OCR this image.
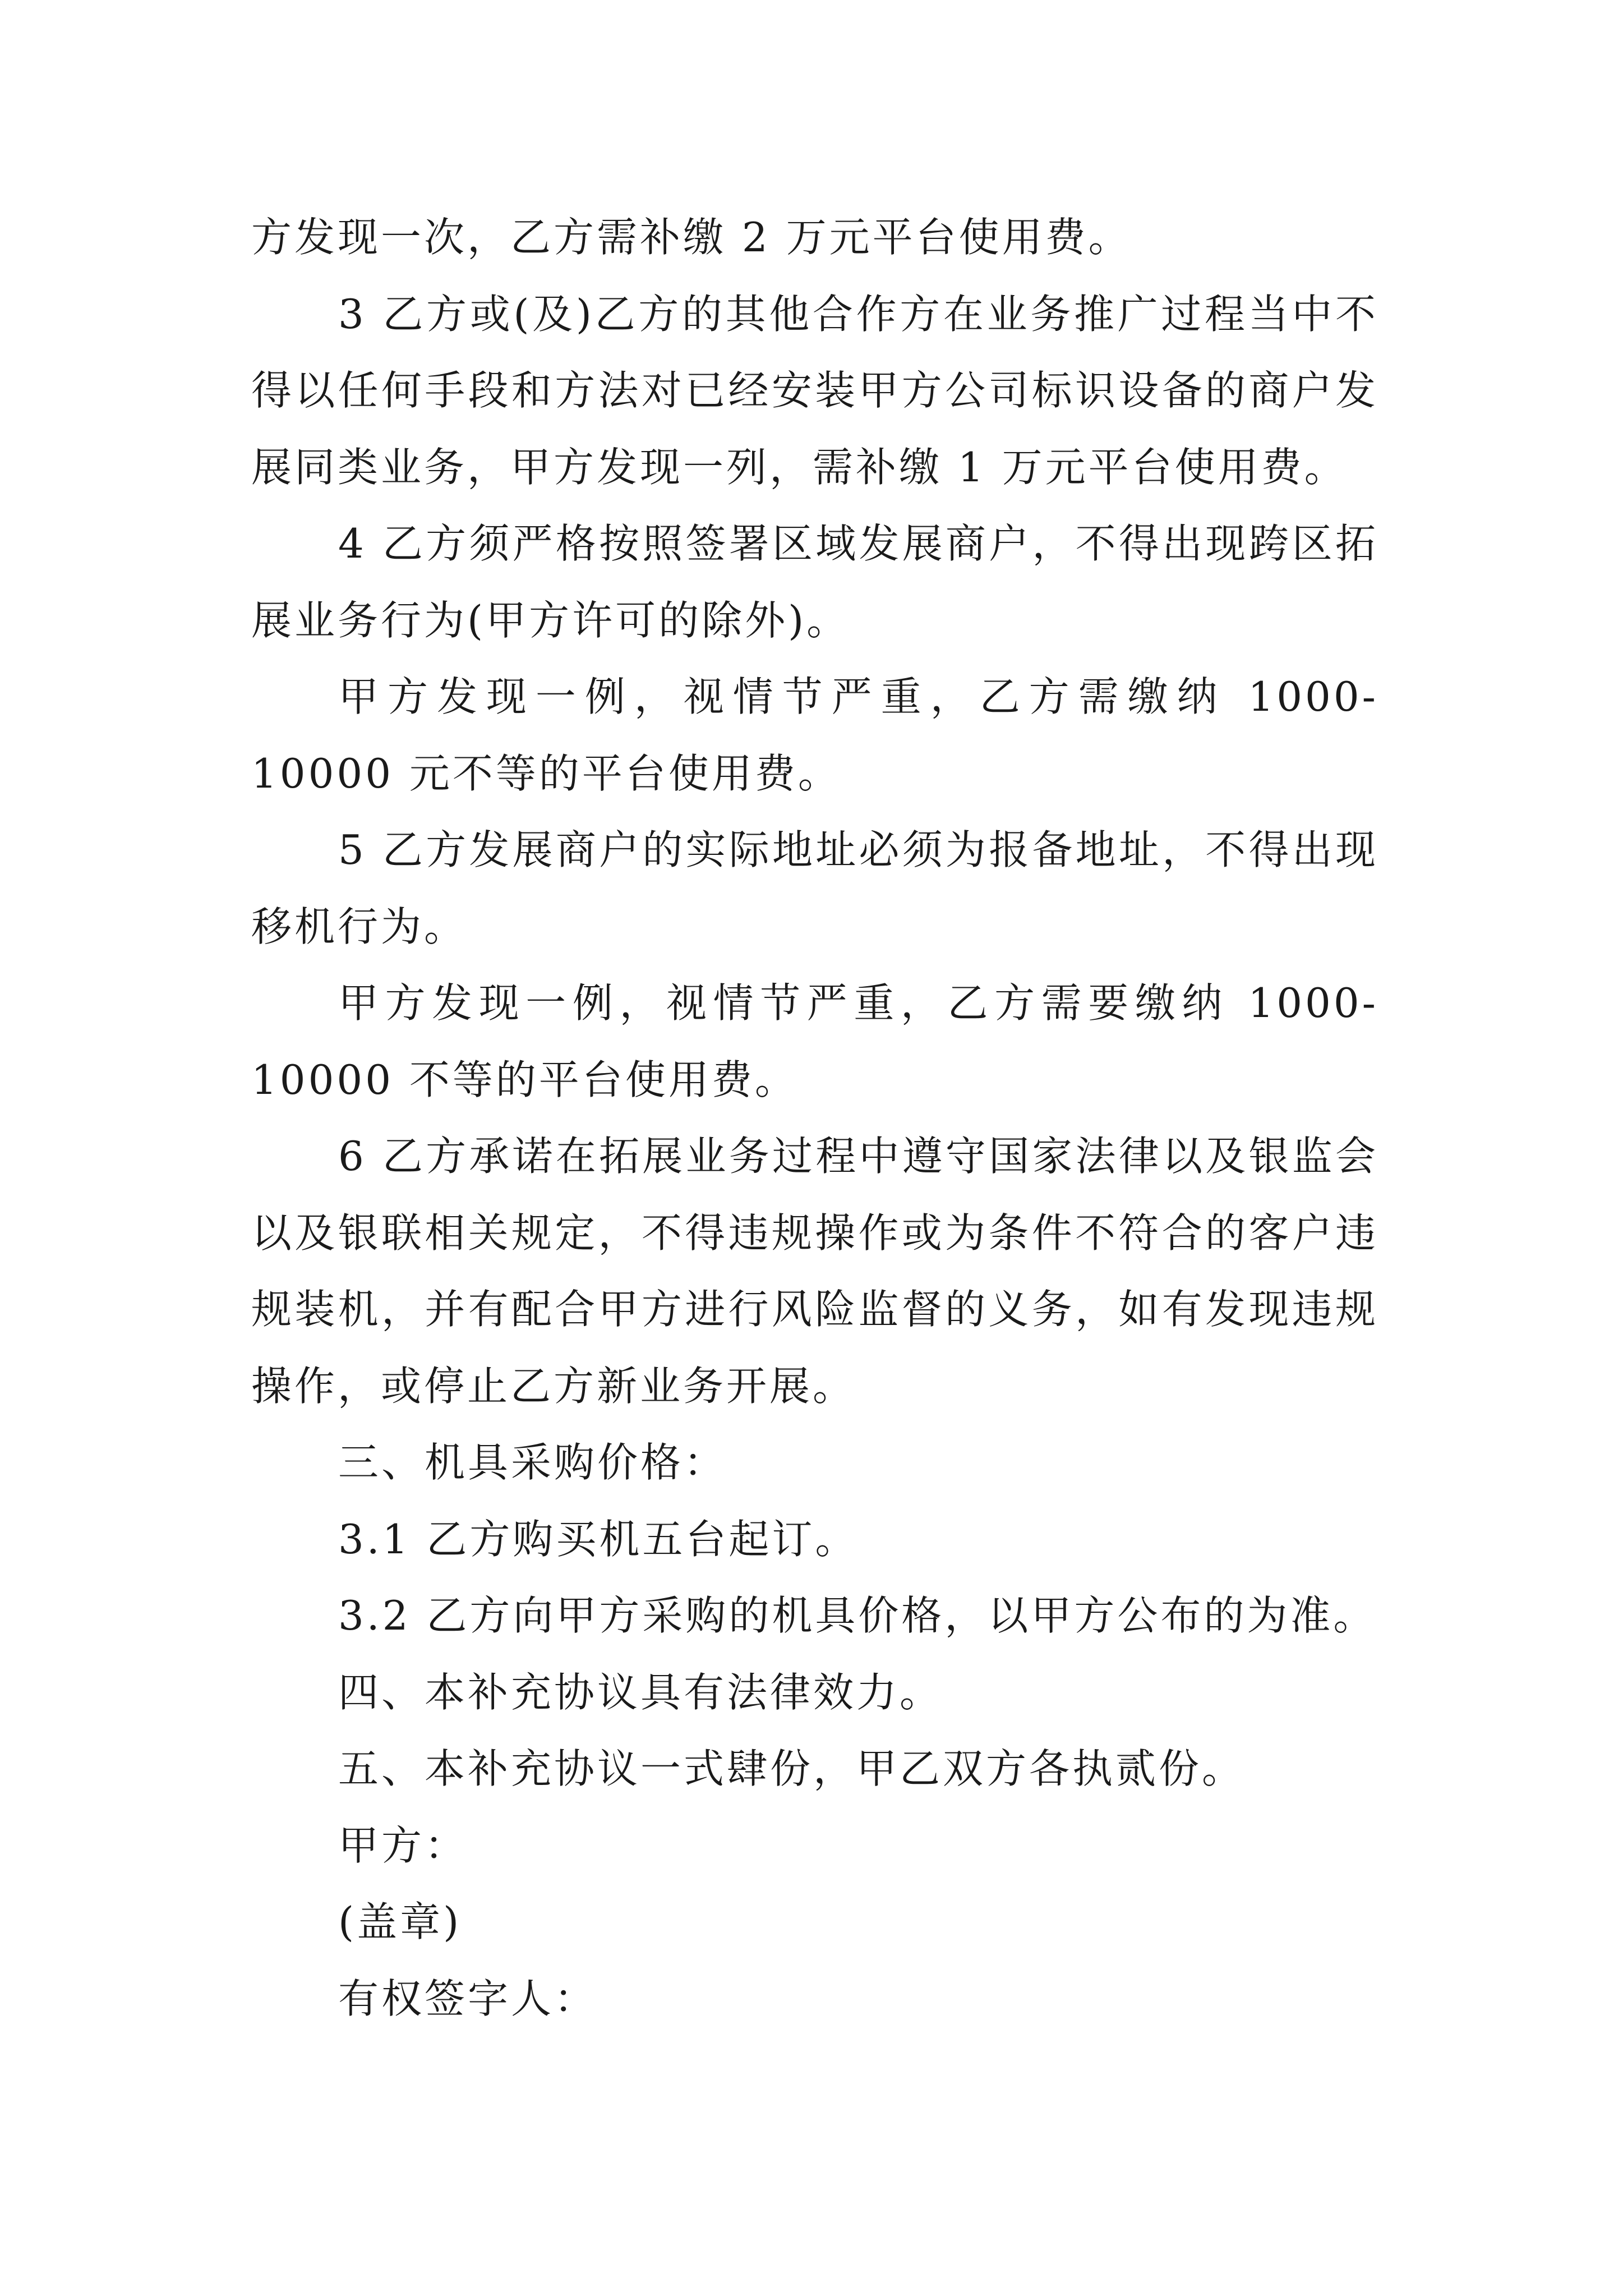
方发现一次，乙方需补缴 2 万元平台使用费。

3 乙方或(及)乙方的其他合作方在业务推广过程当中不得以任何手段和方法对已经安装甲方公司标识设备的商户发展同类业务，甲方发现一列，需补缴 1 万元平台使用费。

4 乙方须严格按照签署区域发展商户，不得出现跨区拓展业务行为(甲方许可的除外)。

甲方发现一例，视情节严重，乙方需缴纳 1000-10000 元不等的平台使用费。

5 乙方发展商户的实际地址必须为报备地址，不得出现移机行为。

甲方发现一例，视情节严重，乙方需要缴纳 1000-10000 不等的平台使用费。

6 乙方承诺在拓展业务过程中遵守国家法律以及银监会以及银联相关规定，不得违规操作或为条件不符合的客户违规装机，并有配合甲方进行风险监督的义务，如有发现违规操作，或停止乙方新业务开展。

三、机具采购价格：

3.1 乙方购买机五台起订。

3.2 乙方向甲方采购的机具价格，以甲方公布的为准。

四、本补充协议具有法律效力。

五、本补充协议一式肆份，甲乙双方各执贰份。

甲方：

(盖章)

有权签字人：
